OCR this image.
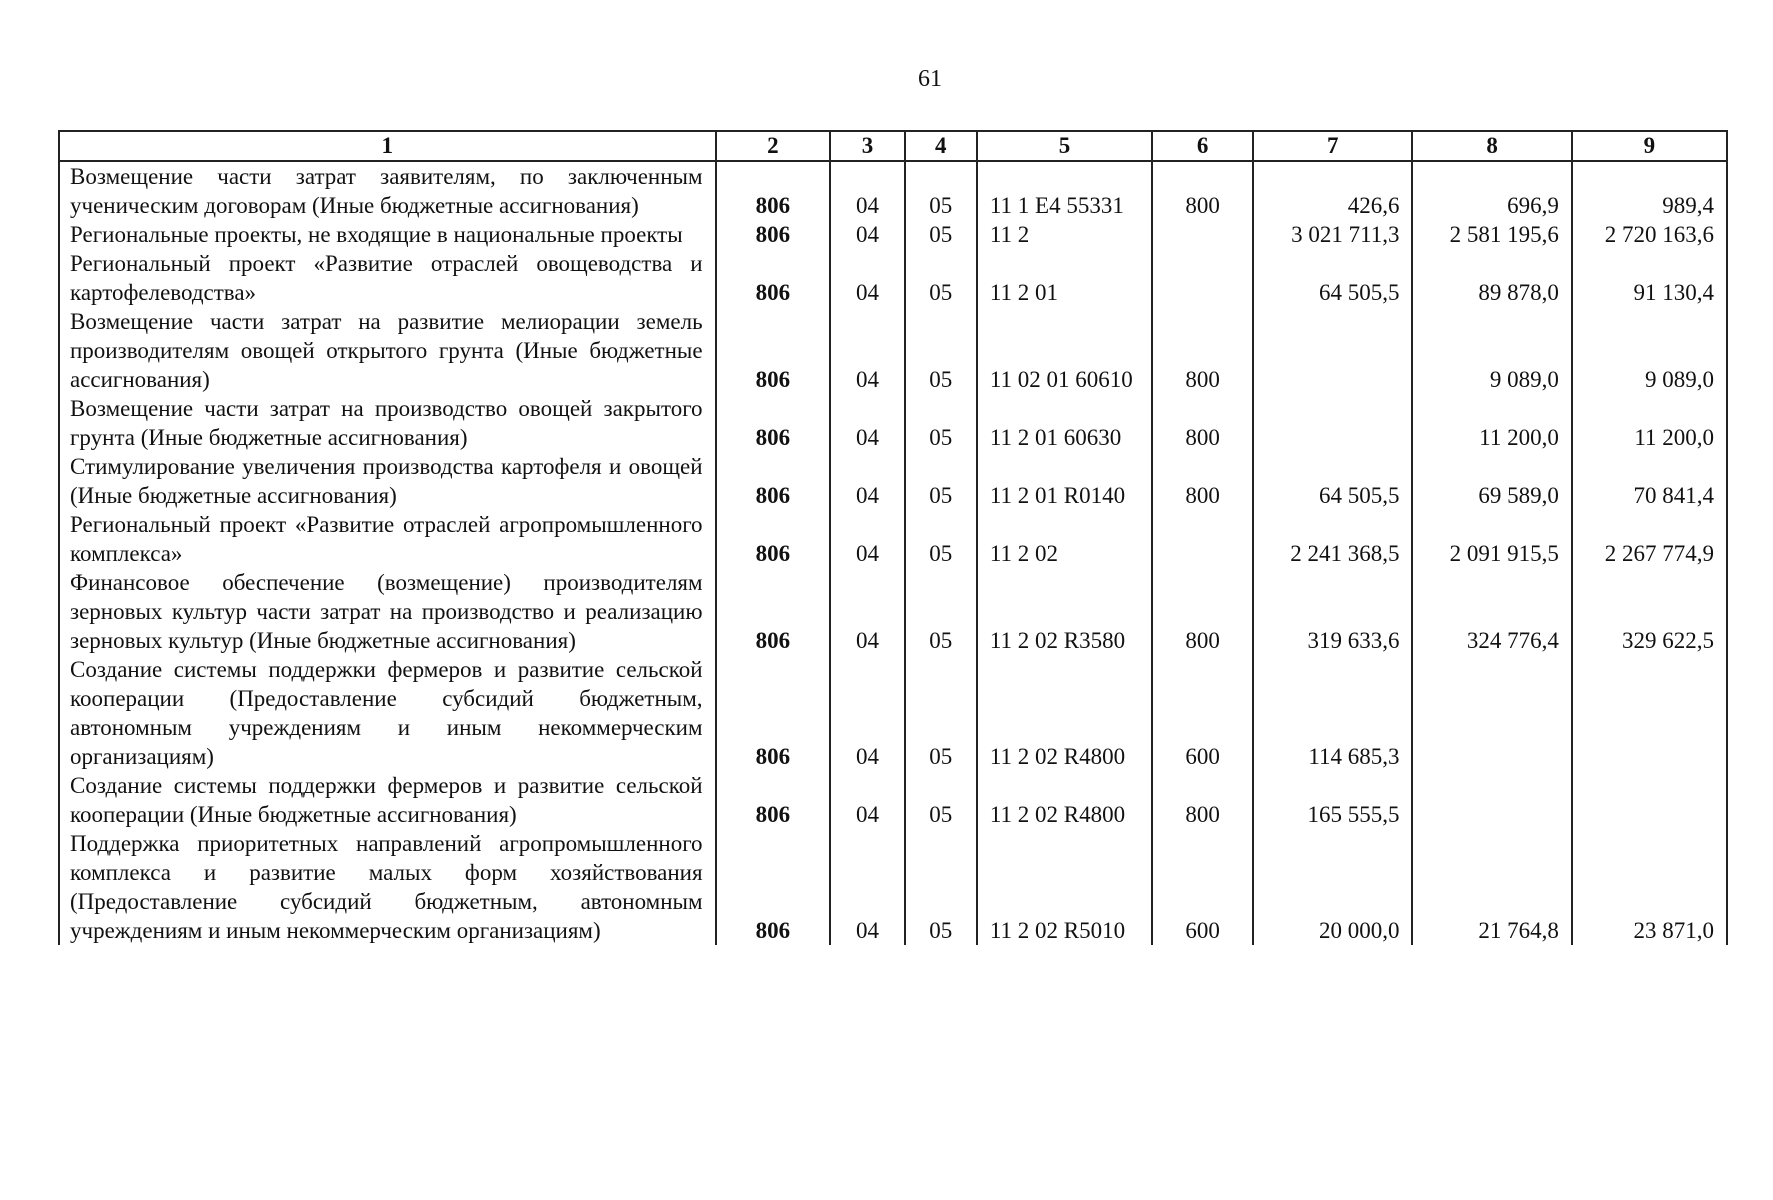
61
1	2	3	4	5	6	7	8	9
Возмещение части затрат заявителям, по заключенным ученическим договорам (Иные бюджетные ассигнования)	806	04	05	11 1 E4 55331	800	426,6	696,9	989,4
Региональные проекты, не входящие в национальные проекты	806	04	05	11 2		3 021 711,3	2 581 195,6	2 720 163,6
Региональный проект «Развитие отраслей овощеводства и картофелеводства»	806	04	05	11 2 01		64 505,5	89 878,0	91 130,4
Возмещение части затрат на развитие мелиорации земель производителям овощей открытого грунта (Иные бюджетные ассигнования)	806	04	05	11 02 01 60610	800		9 089,0	9 089,0
Возмещение части затрат на производство овощей закрытого грунта (Иные бюджетные ассигнования)	806	04	05	11 2 01 60630	800		11 200,0	11 200,0
Стимулирование увеличения производства картофеля и овощей (Иные бюджетные ассигнования)	806	04	05	11 2 01 R0140	800	64 505,5	69 589,0	70 841,4
Региональный проект «Развитие отраслей агропромышленного комплекса»	806	04	05	11 2 02		2 241 368,5	2 091 915,5	2 267 774,9
Финансовое обеспечение (возмещение) производителям зерновых культур части затрат на производство и реализацию зерновых культур (Иные бюджетные ассигнования)	806	04	05	11 2 02 R3580	800	319 633,6	324 776,4	329 622,5
Создание системы поддержки фермеров и развитие сельской кооперации (Предоставление субсидий бюджетным, автономным учреждениям и иным некоммерческим организациям)	806	04	05	11 2 02 R4800	600	114 685,3		
Создание системы поддержки фермеров и развитие сельской кооперации (Иные бюджетные ассигнования)	806	04	05	11 2 02 R4800	800	165 555,5		
Поддержка приоритетных направлений агропромышленного комплекса и развитие малых форм хозяйствования (Предоставление субсидий бюджетным, автономным учреждениям и иным некоммерческим организациям)	806	04	05	11 2 02 R5010	600	20 000,0	21 764,8	23 871,0
